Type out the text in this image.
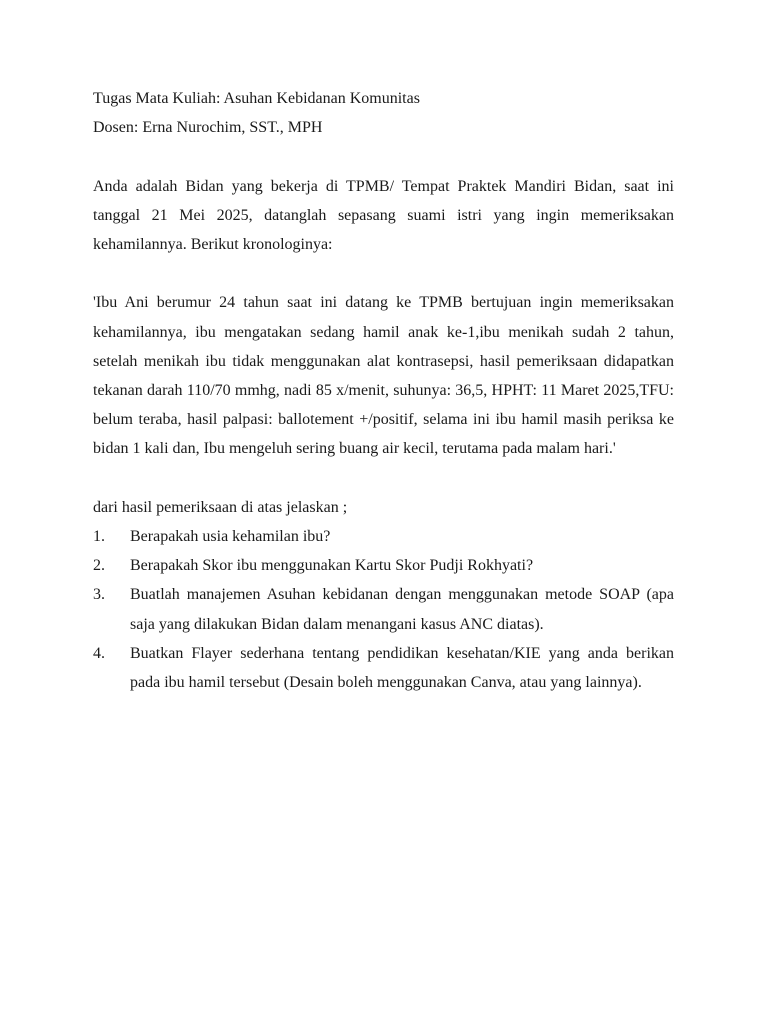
Tugas Mata Kuliah: Asuhan Kebidanan Komunitas
Dosen: Erna Nurochim, SST., MPH
Anda adalah Bidan yang bekerja di TPMB/ Tempat Praktek Mandiri Bidan, saat ini tanggal 21 Mei 2025, datanglah sepasang suami istri yang ingin memeriksakan kehamilannya. Berikut kronologinya:
'Ibu Ani berumur 24 tahun saat ini datang ke TPMB bertujuan ingin memeriksakan kehamilannya, ibu mengatakan sedang hamil anak ke-1,ibu menikah sudah 2 tahun, setelah menikah ibu tidak menggunakan alat kontrasepsi, hasil pemeriksaan didapatkan tekanan darah 110/70 mmhg, nadi 85 x/menit, suhunya: 36,5, HPHT: 11 Maret 2025,TFU: belum teraba, hasil palpasi: ballotement +/positif, selama ini ibu hamil masih periksa ke bidan 1 kali dan, Ibu mengeluh sering buang air kecil, terutama pada malam hari.'
dari hasil pemeriksaan di atas jelaskan ;
1.	Berapakah usia kehamilan ibu?
2.	Berapakah Skor ibu menggunakan Kartu Skor Pudji Rokhyati?
3.	Buatlah manajemen Asuhan kebidanan dengan menggunakan metode SOAP (apa saja yang dilakukan Bidan dalam menangani kasus ANC diatas).
4.	Buatkan Flayer sederhana tentang pendidikan kesehatan/KIE yang anda berikan pada ibu hamil tersebut (Desain boleh menggunakan Canva, atau yang lainnya).
